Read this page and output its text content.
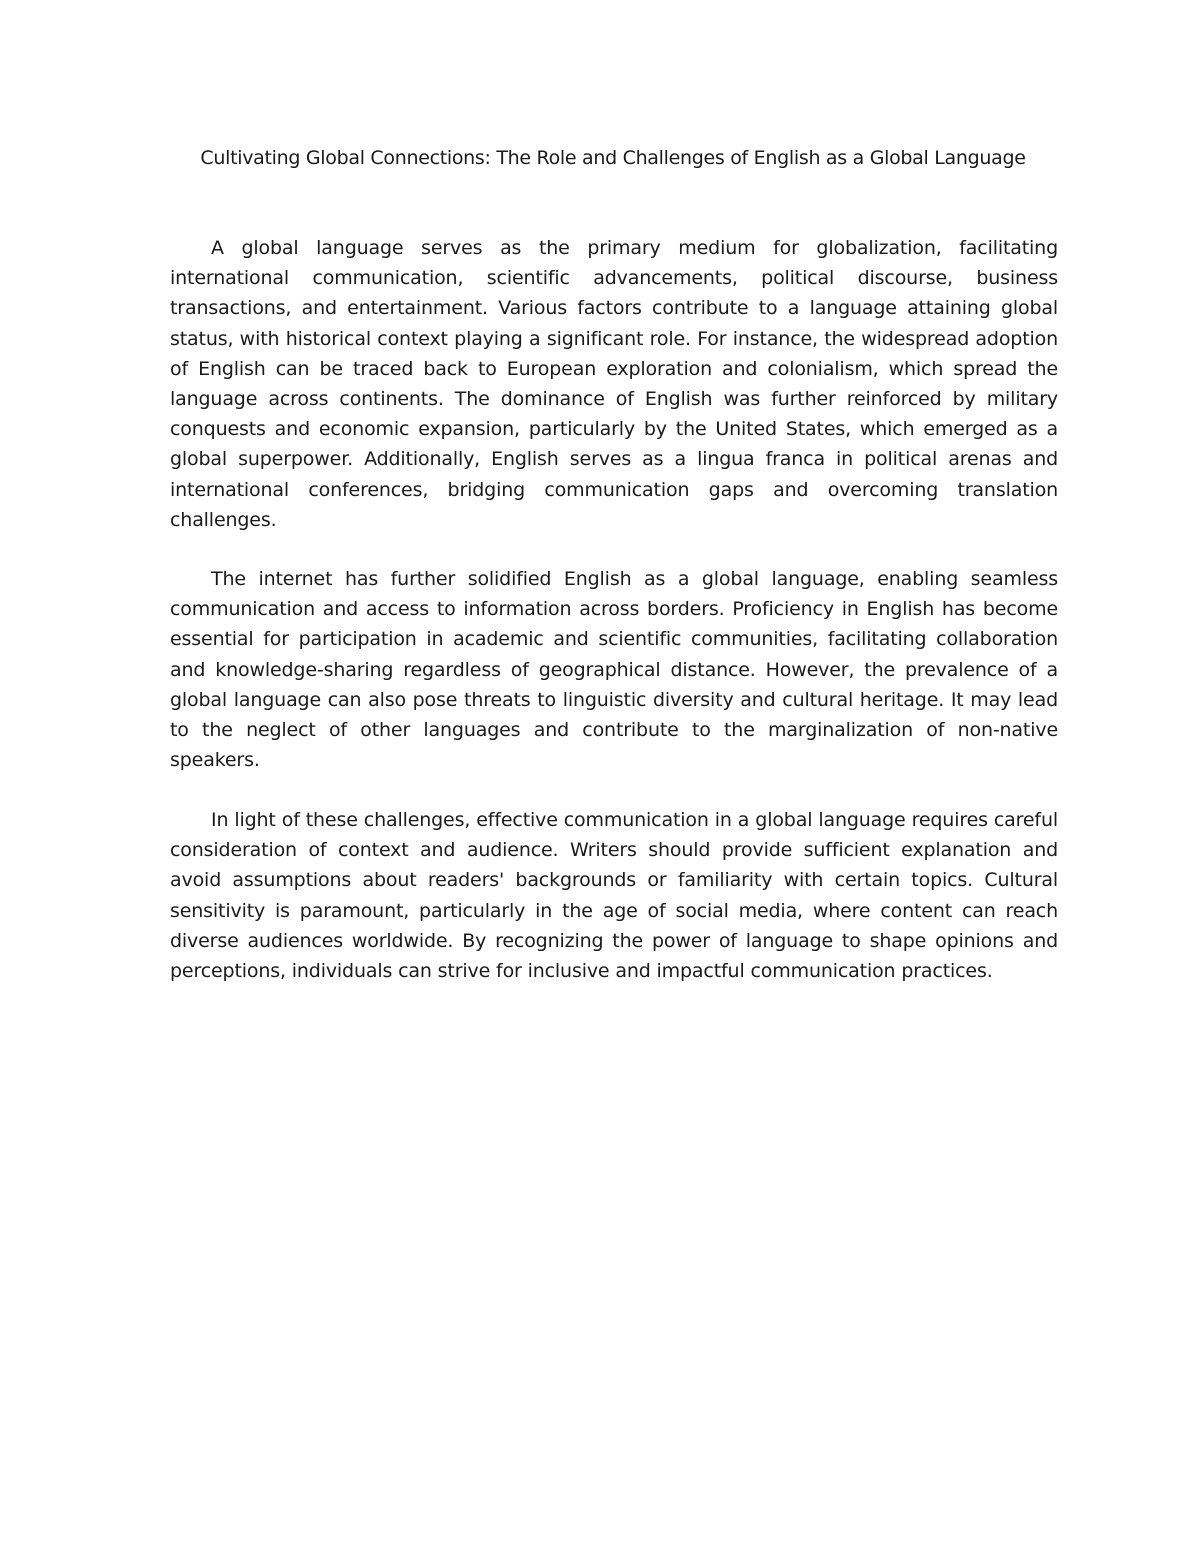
Cultivating Global Connections: The Role and Challenges of English as a Global Language

A global language serves as the primary medium for globalization, facilitating international communication, scientific advancements, political discourse, business transactions, and entertainment. Various factors contribute to a language attaining global status, with historical context playing a significant role. For instance, the widespread adoption of English can be traced back to European exploration and colonialism, which spread the language across continents. The dominance of English was further reinforced by military conquests and economic expansion, particularly by the United States, which emerged as a global superpower. Additionally, English serves as a lingua franca in political arenas and international conferences, bridging communication gaps and overcoming translation challenges.

The internet has further solidified English as a global language, enabling seamless communication and access to information across borders. Proficiency in English has become essential for participation in academic and scientific communities, facilitating collaboration and knowledge-sharing regardless of geographical distance. However, the prevalence of a global language can also pose threats to linguistic diversity and cultural heritage. It may lead to the neglect of other languages and contribute to the marginalization of non-native speakers.

In light of these challenges, effective communication in a global language requires careful consideration of context and audience. Writers should provide sufficient explanation and avoid assumptions about readers' backgrounds or familiarity with certain topics. Cultural sensitivity is paramount, particularly in the age of social media, where content can reach diverse audiences worldwide. By recognizing the power of language to shape opinions and perceptions, individuals can strive for inclusive and impactful communication practices.
